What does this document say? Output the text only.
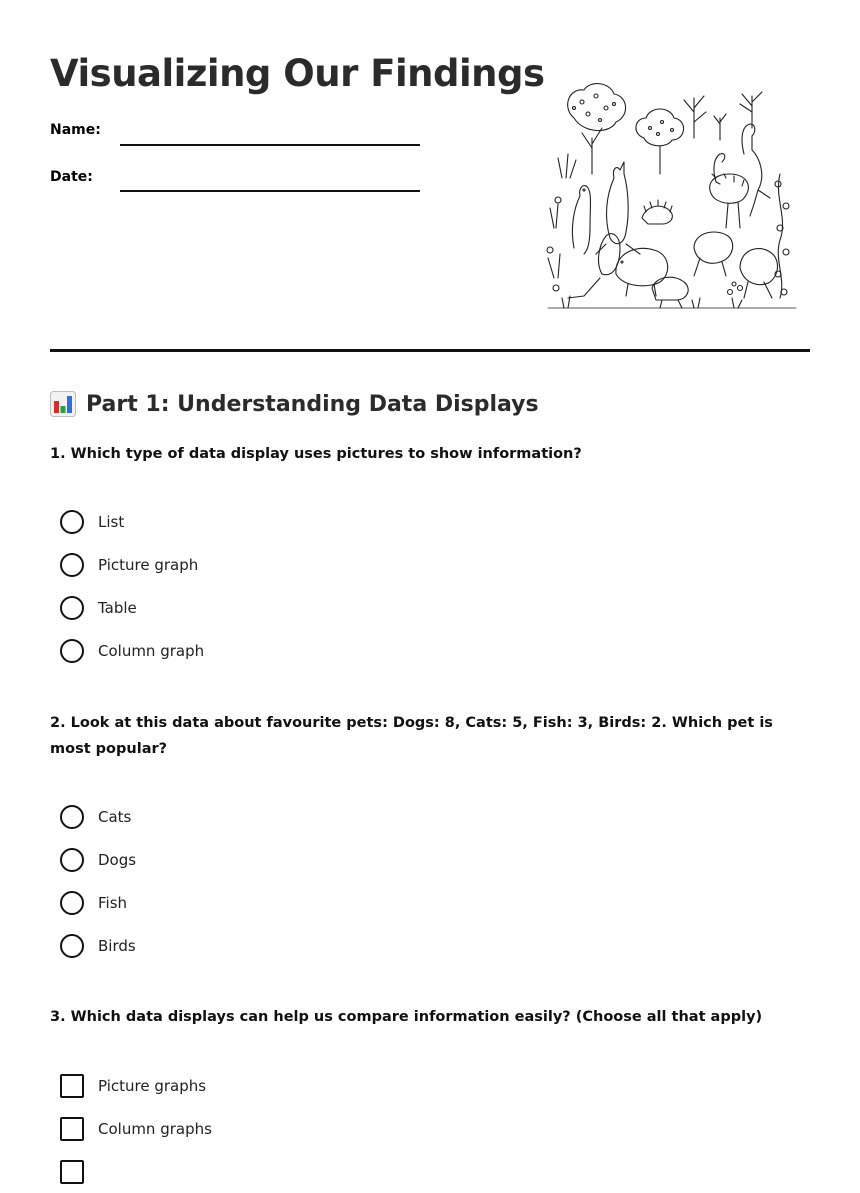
Visualizing Our Findings
Name:
Date:
Part 1: Understanding Data Displays

1. Which type of data display uses pictures to show information?

List
Picture graph
Table
Column graph

2. Look at this data about favourite pets: Dogs: 8, Cats: 5, Fish: 3, Birds: 2. Which pet is most popular?

Cats
Dogs
Fish
Birds

3. Which data displays can help us compare information easily? (Choose all that apply)

Picture graphs
Column graphs
